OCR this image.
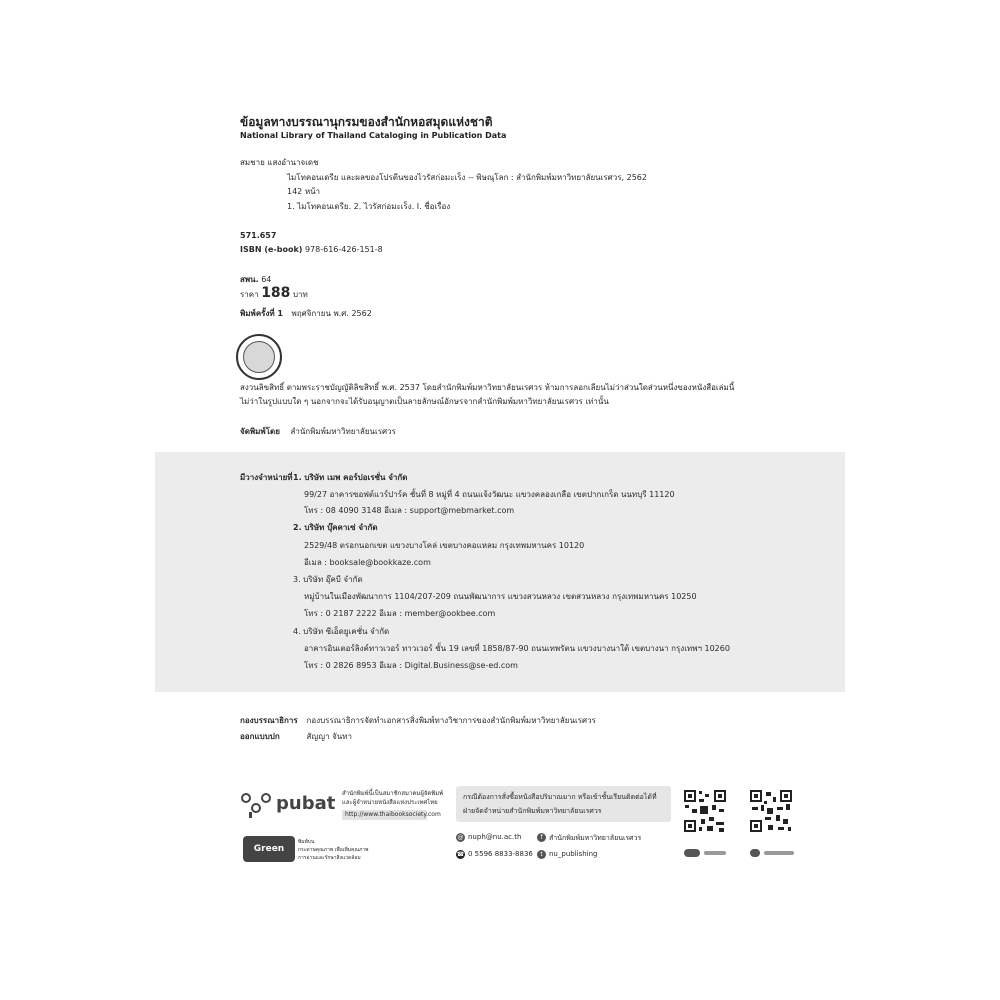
ข้อมูลทางบรรณานุกรมของสำนักหอสมุดแห่งชาติ
National Library of Thailand Cataloging in Publication Data
สมชาย แสงอำนาจเดช
ไมโทคอนเดรีย และผลของโปรตีนของไวรัสก่อมะเร็ง -- พิษณุโลก : สำนักพิมพ์มหาวิทยาลัยนเรศวร, 2562
142 หน้า
1. ไมโทคอนเดรีย. 2. ไวรัสก่อมะเร็ง. I. ชื่อเรื่อง
571.657
ISBN (e-book) 978-616-426-151-8
สพน. 64
ราคา 188 บาท
พิมพ์ครั้งที่ 1 พฤศจิกายน พ.ศ. 2562
สงวนลิขสิทธิ์ ตามพระราชบัญญัติลิขสิทธิ์ พ.ศ. 2537 โดยสำนักพิมพ์มหาวิทยาลัยนเรศวร ห้ามการลอกเลียนไม่ว่าส่วนใดส่วนหนึ่งของหนังสือเล่มนี้
ไม่ว่าในรูปแบบใด ๆ นอกจากจะได้รับอนุญาตเป็นลายลักษณ์อักษรจากสำนักพิมพ์มหาวิทยาลัยนเรศวร เท่านั้น
จัดพิมพ์โดย สำนักพิมพ์มหาวิทยาลัยนเรศวร
มีวางจำหน่ายที่ 1. บริษัท เมพ คอร์ปอเรชั่น จำกัด
99/27 อาคารซอฟต์แวร์ปาร์ค ชั้นที่ 8 หมู่ที่ 4 ถนนแจ้งวัฒนะ แขวงคลองเกลือ เขตปากเกร็ด นนทบุรี 11120
โทร : 08 4090 3148 อีเมล : support@mebmarket.com
2. บริษัท บุ๊คคาเซ่ จำกัด
2529/48 ตรอกนอกเขต แขวงบางโคล่ เขตบางคอแหลม กรุงเทพมหานคร 10120
อีเมล : booksale@bookkaze.com
3. บริษัท อุ๊คบี จำกัด
หมู่บ้านในเมืองพัฒนาการ 1104/207-209 ถนนพัฒนาการ แขวงสวนหลวง เขตสวนหลวง กรุงเทพมหานคร 10250
โทร : 0 2187 2222 อีเมล : member@ookbee.com
4. บริษัท ซีเอ็ดยูเคชั่น จำกัด
อาคารอินเตอร์ลิงค์ทาวเวอร์ ทาวเวอร์ ชั้น 19 เลขที่ 1858/87-90 ถนนเทพรัตน แขวงบางนาใต้ เขตบางนา กรุงเทพฯ 10260
โทร : 0 2826 8953 อีเมล : Digital.Business@se-ed.com
กองบรรณาธิการ กองบรรณาธิการจัดทำเอกสารสิ่งพิมพ์ทางวิชาการของสำนักพิมพ์มหาวิทยาลัยนเรศวร
ออกแบบปก	สัญญา จันทา
pubat สำนักพิมพ์นี้เป็นสมาชิกสมาคมผู้จัดพิมพ์
และผู้จำหน่ายหนังสือแห่งประเทศไทย
http://www.thaibooksociety.com
Green Read
พิมพ์บน
กระดาษคุณภาพ เพื่อเพิ่มคุณภาพ
การอ่านและรักษาสิ่งแวดล้อม
กรณีต้องการสั่งซื้อหนังสือปริมาณมาก หรือเข้าชั้นเรียนติดต่อได้ที่
ฝ่ายจัดจำหน่ายสำนักพิมพ์มหาวิทยาลัยนเรศวร
@ nuph@nu.ac.th	f สำนักพิมพ์มหาวิทยาลัยนเรศวร
☎ 0 5596 8833-8836	t nu_publishing
